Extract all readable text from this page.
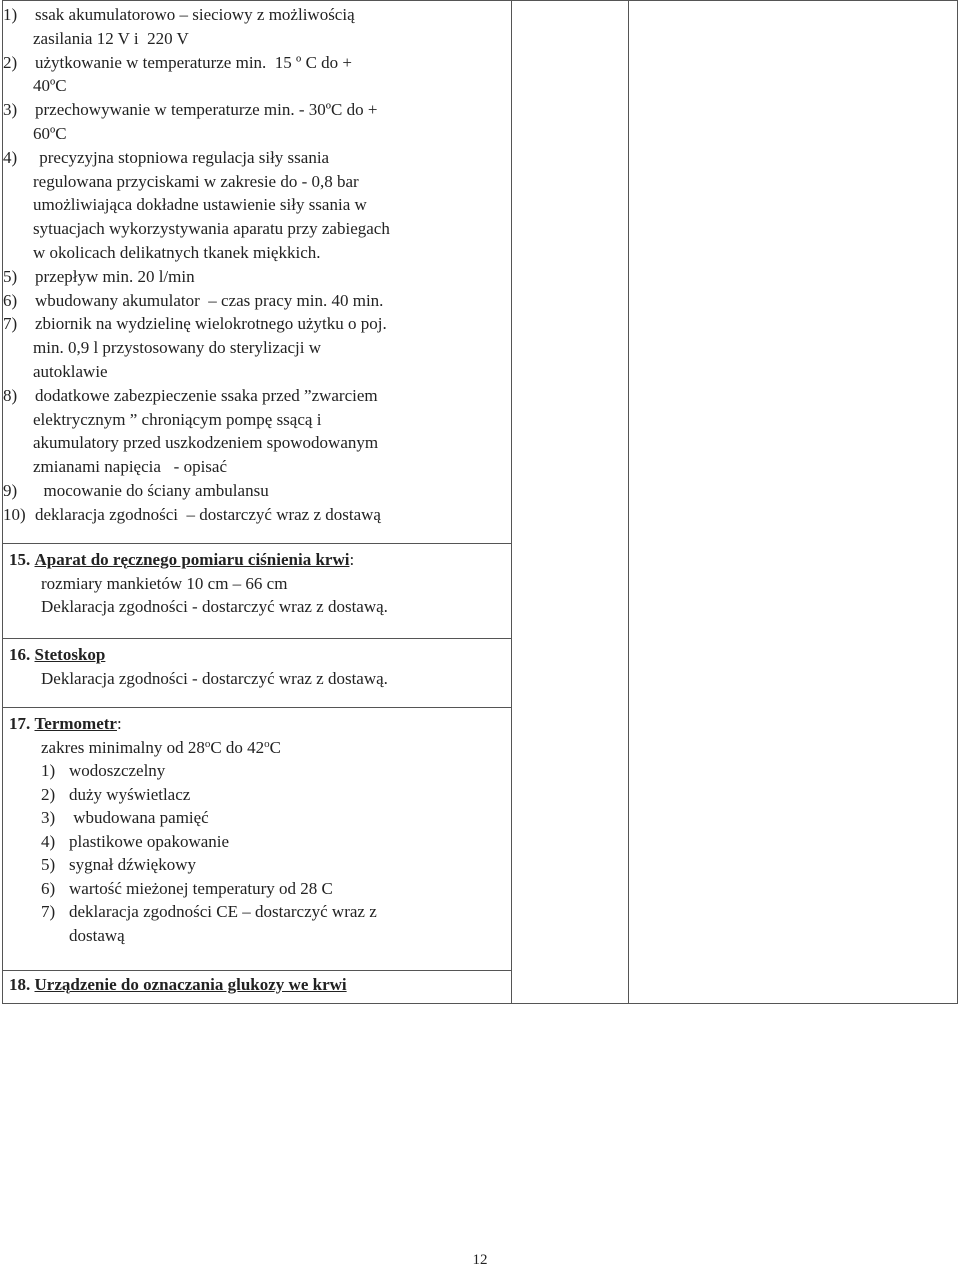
1) ssak akumulatorowo – sieciowy z możliwością
zasilania 12 V i  220 V
2) użytkowanie w temperaturze min.  15 º C do +
40ºC
3) przechowywanie w temperaturze min. - 30ºC do +
60ºC
4) precyzyjna stopniowa regulacja siły ssania
regulowana przyciskami w zakresie do - 0,8 bar
umożliwiająca dokładne ustawienie siły ssania w
sytuacjach wykorzystywania aparatu przy zabiegach
w okolicach delikatnych tkanek miękkich.
5) przepływ min. 20 l/min
6) wbudowany akumulator  – czas pracy min. 40 min.
7) zbiornik na wydzielinę wielokrotnego użytku o poj.
min. 0,9 l przystosowany do sterylizacji w
autoklawie
8) dodatkowe zabezpieczenie ssaka przed ”zwarciem
elektrycznym ” chroniącym pompę ssącą i
akumulatory przed uszkodzeniem spowodowanym
zmianami napięcia   - opisać
9)  mocowanie do ściany ambulansu
10) deklaracja zgodności  – dostarczyć wraz z dostawą

15. Aparat do ręcznego pomiaru ciśnienia krwi:
rozmiary mankietów 10 cm – 66 cm
Deklaracja zgodności - dostarczyć wraz z dostawą.

16. Stetoskop
Deklaracja zgodności - dostarczyć wraz z dostawą.

17. Termometr:
zakres minimalny od 28$^o$C do 42$^o$C
1) wodoszczelny
2) duży wyświetlacz
3) wbudowana pamięć
4) plastikowe opakowanie
5) sygnał dźwiękowy
6) wartość mieżonej temperatury od 28 C
7) deklaracja zgodności CE – dostarczyć wraz z
dostawą

18. Urządzenie do oznaczania glukozy we krwi
12
